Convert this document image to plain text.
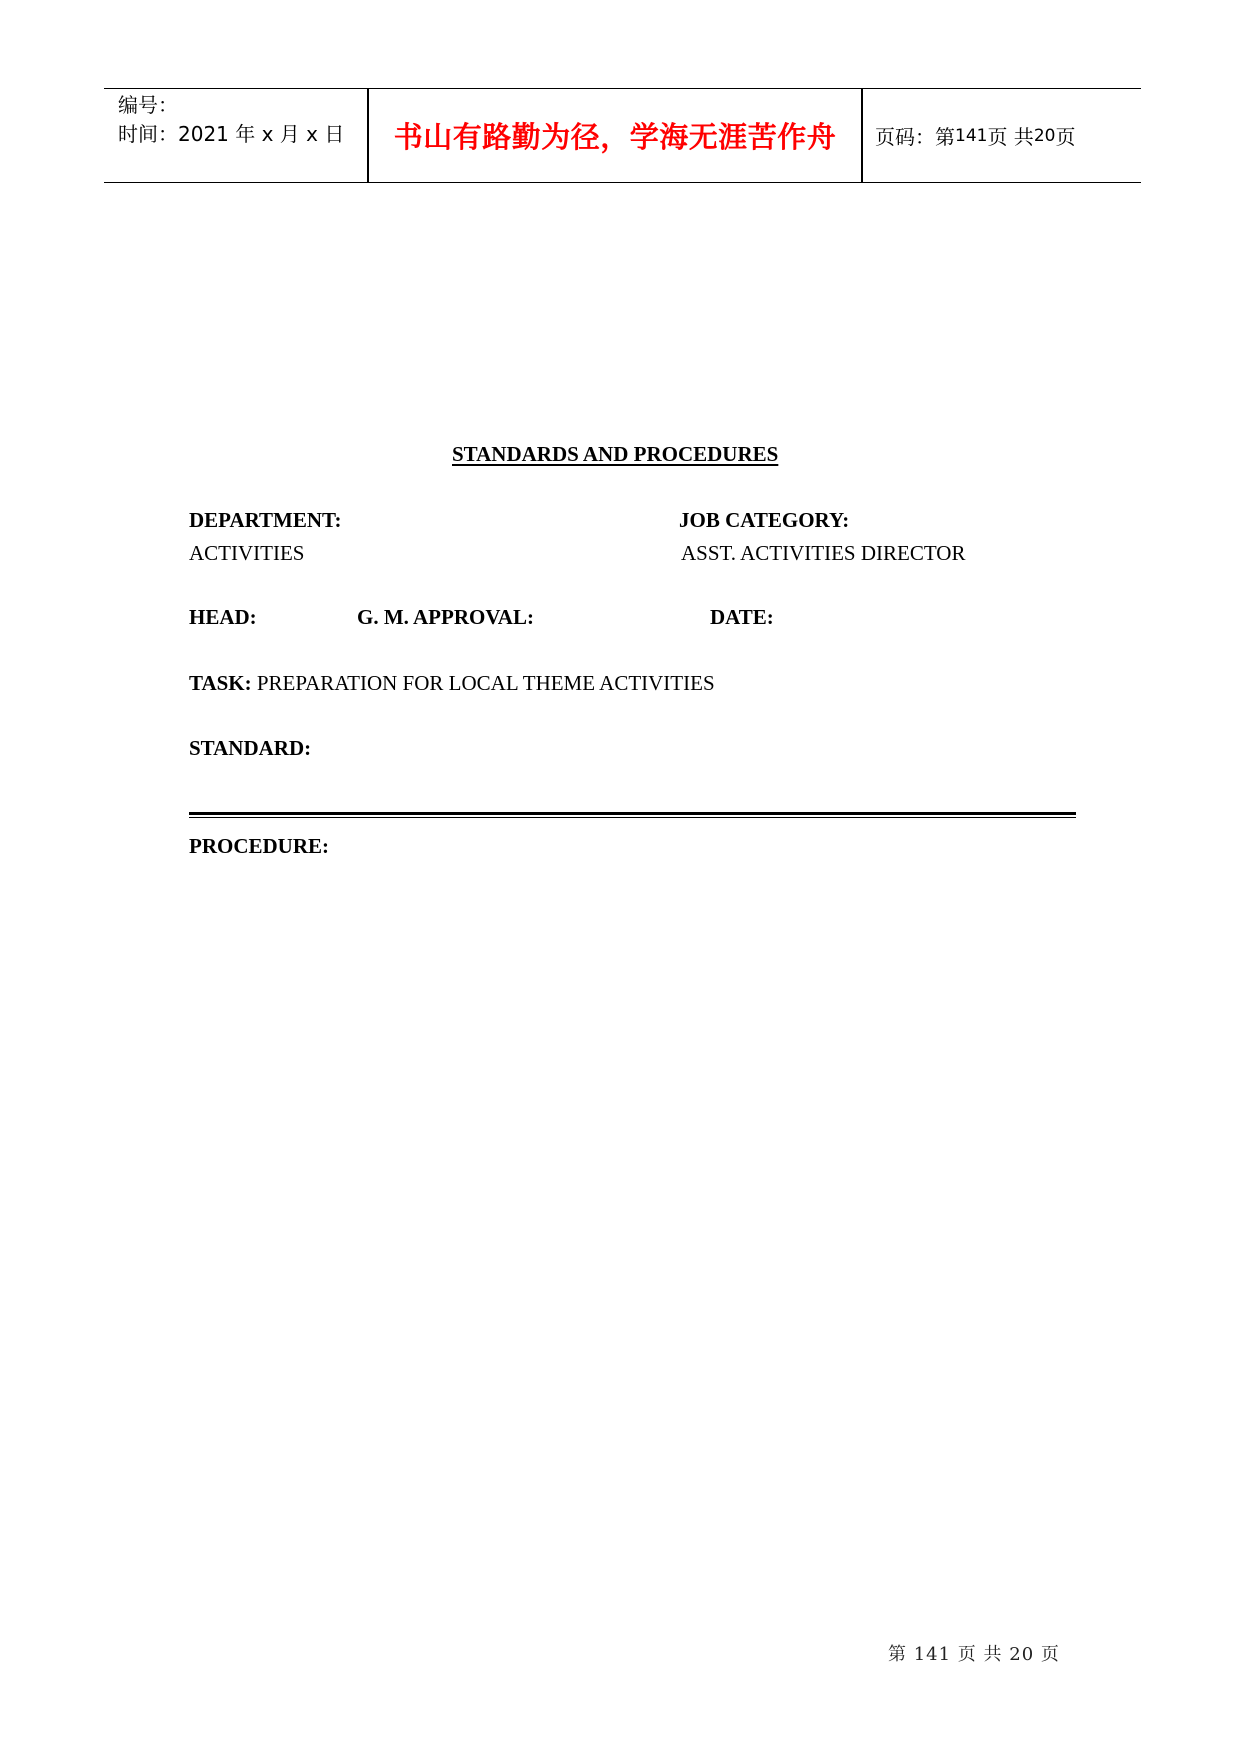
编号：
时间：2021 年 x 月 x 日 书山有路勤为径，学海无涯苦作舟 页码：第 141 页 共 20 页
STANDARDS AND PROCEDURES
DEPARTMENT:
ACTIVITIES
JOB CATEGORY:
ASST. ACTIVITIES DIRECTOR
HEAD:	G. M. APPROVAL:	DATE:
TASK: PREPARATION FOR LOCAL THEME ACTIVITIES
STANDARD:
PROCEDURE:
第 141 页 共 20 页
